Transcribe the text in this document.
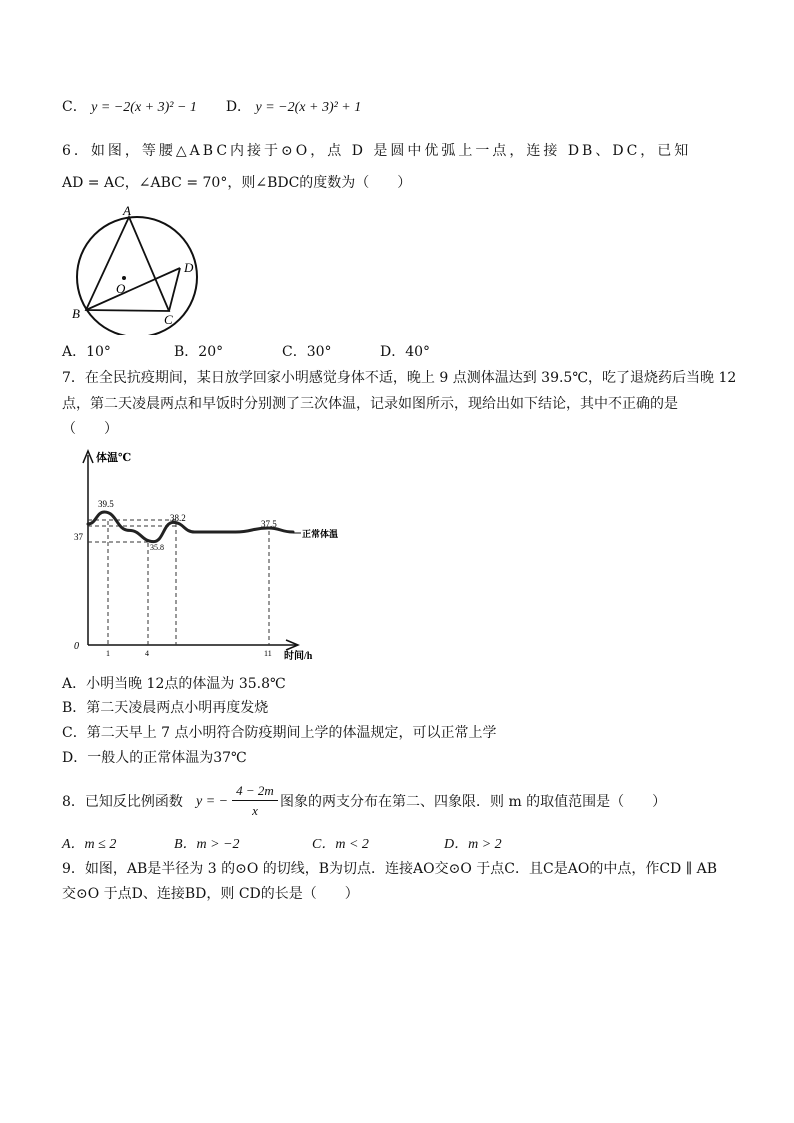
C． y = −2(x + 3)² − 1 D． y = −2(x + 3)² + 1
6．如图，等腰△ABC内接于⊙O，点 D 是圆中优弧上一点，连接 DB、DC，已知
AD = AC，∠ABC = 70°，则∠BDC的度数为（　　）
A
B	C
D
O
A．10°	B．20°	C．30°	D．40°
7．在全民抗疫期间，某日放学回家小明感觉身体不适，晚上 9 点测体温达到 39.5℃，吃了退烧药后当晚 12
点，第二天凌晨两点和早饭时分别测了三次体温，记录如图所示，现给出如下结论，其中不正确的是
（　　）
体温℃
时间/h
0
37	正常体温
39.5
35.8
38.2
37.5
1	4	11
A．小明当晚 12点的体温为 35.8℃
B．第二天凌晨两点小明再度发烧
C．第二天早上 7 点小明符合防疫期间上学的体温规定，可以正常上学
D．一般人的正常体温为37℃
8．已知反比例函数 y = − $\frac{4 - 2m}{x}$ 图象的两支分布在第二、四象限．则 m 的取值范围是（　　）
A．m ≤ 2	B．m > −2	C．m < 2	D．m > 2
9．如图，AB是半径为 3 的⊙O 的切线，B为切点．连接AO交⊙O 于点C．且C是AO的中点，作CD ∥ AB
交⊙O 于点D、连接BD，则 CD的长是（　　）
